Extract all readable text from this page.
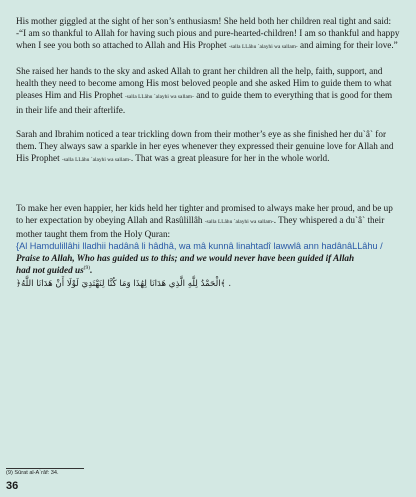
His mother giggled at the sight of her son’s enthusiasm! She held both her children real tight and said: -“I am so thankful to Allah for having such pious and pure-hearted-children! I am so thankful and happy when I see you both so attached to Allah and His Prophet -salla LLâhu `alayhi wa sallam- and aiming for their love.”

She raised her hands to the sky and asked Allah to grant her children all the help, faith, support, and health they need to become among His most beloved people and she asked Him to guide them to what pleases Him and His Prophet -salla LLâhu `alayhi wa sallam- and to guide them to everything that is good for them in their life and their afterlife.

Sarah and Ibrahim noticed a tear trickling down from their mother’s eye as she finished her du`â` for them. They always saw a sparkle in her eyes whenever they expressed their genuine love for Allah and His Prophet -salla LLâhu `alayhi wa sallam-. That was a great pleasure for her in the whole world.

To make her even happier, her kids held her tighter and promised to always make her proud, and be up to her expectation by obeying Allah and Rasûlillâh -salla LLâhu `alayhi wa sallam-. They whispered a du`â` their mother taught them from the Holy Quran:

{Al Hamdulillâhi lladhii hadânâ li hâdhâ, wa mâ kunnâ linahtadî lawwlâ ann hadânâLLâhu /

Praise to Allah, Who has guided us to this; and we would never have been guided if Allah
had not guided $us^{(9)}$.

﴿الْحَمْدُ لِلَّهِ الَّذِي هَدَانَا لِهَٰذَا وَمَا كُنَّا لِنَهْتَدِيَ لَوْلَا أَنْ هَدَانَا اللَّهُ﴾ .

(9) Sûrat al-A`râf: 34.
36
